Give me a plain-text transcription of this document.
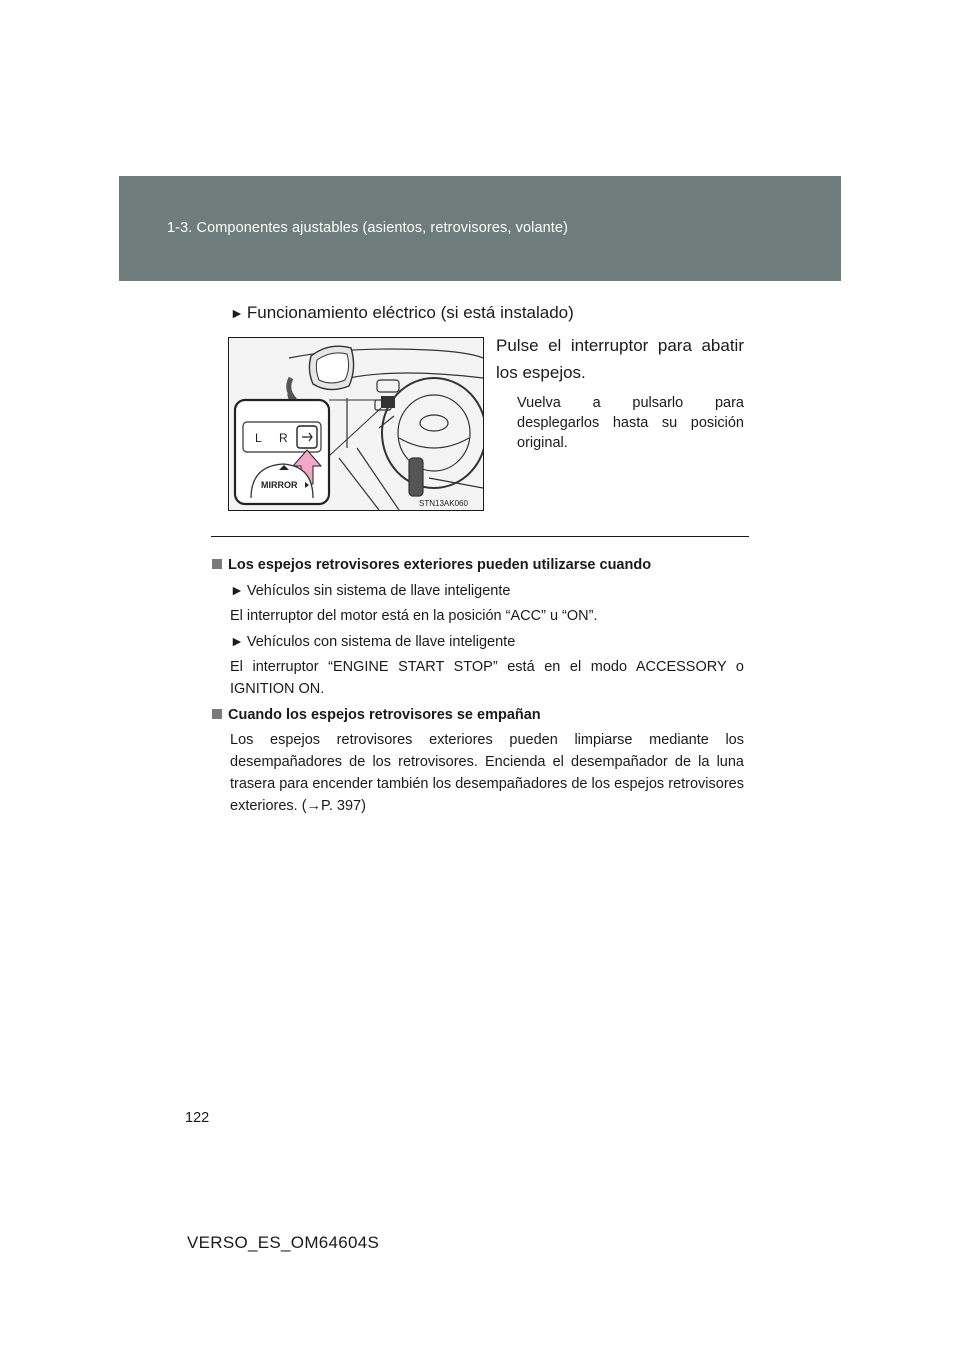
1-3. Componentes ajustables (asientos, retrovisores, volante)
► Funcionamiento eléctrico (si está instalado)
L R
MIRROR
STN13AK060
Pulse el interruptor para abatir los espejos.
Vuelva a pulsarlo para desplegarlos hasta su posición original.

Los espejos retrovisores exteriores pueden utilizarse cuando

► Vehículos sin sistema de llave inteligente

El interruptor del motor está en la posición “ACC” u “ON”.

► Vehículos con sistema de llave inteligente

El interruptor “ENGINE START STOP” está en el modo ACCESSORY o IGNITION ON.

Cuando los espejos retrovisores se empañan

Los espejos retrovisores exteriores pueden limpiarse mediante los desempañadores de los retrovisores. Encienda el desempañador de la luna trasera para encender también los desempañadores de los espejos retrovisores exteriores. (→P. 397)

122
VERSO_ES_OM64604S
